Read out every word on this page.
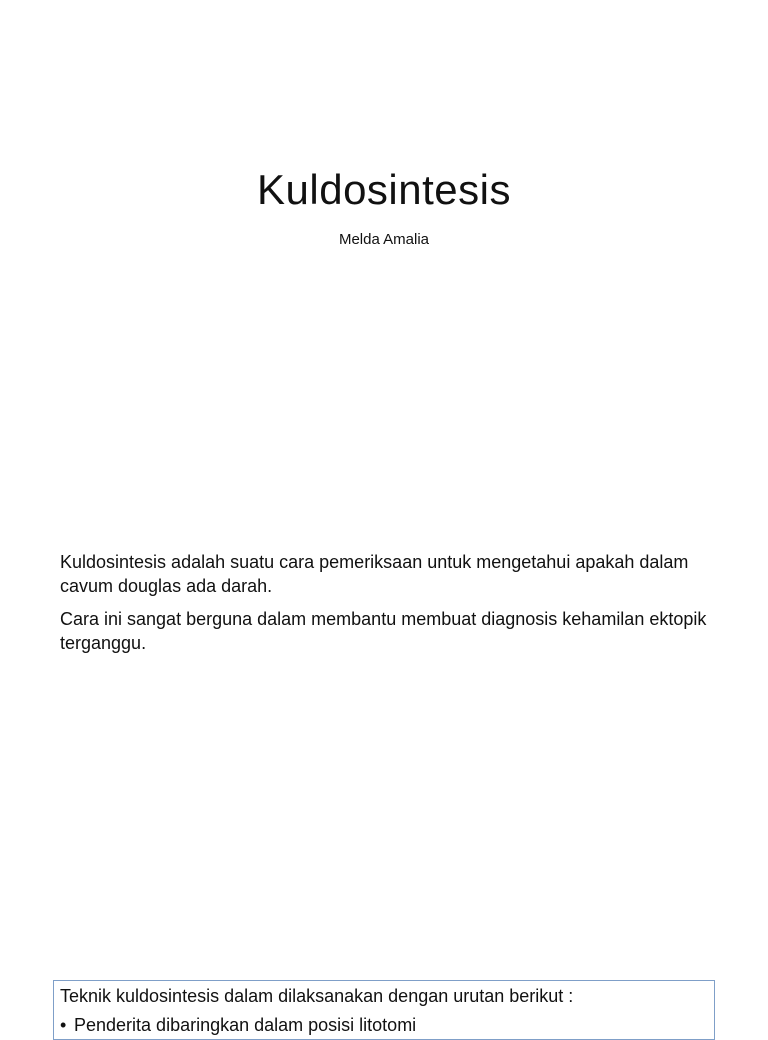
Kuldosintesis
Melda Amalia

Kuldosintesis adalah suatu cara pemeriksaan untuk mengetahui apakah dalam cavum douglas ada darah.

Cara ini sangat berguna dalam membantu membuat diagnosis kehamilan ektopik terganggu.

Teknik kuldosintesis dalam dilaksanakan dengan urutan berikut :
• Penderita dibaringkan dalam posisi litotomi
